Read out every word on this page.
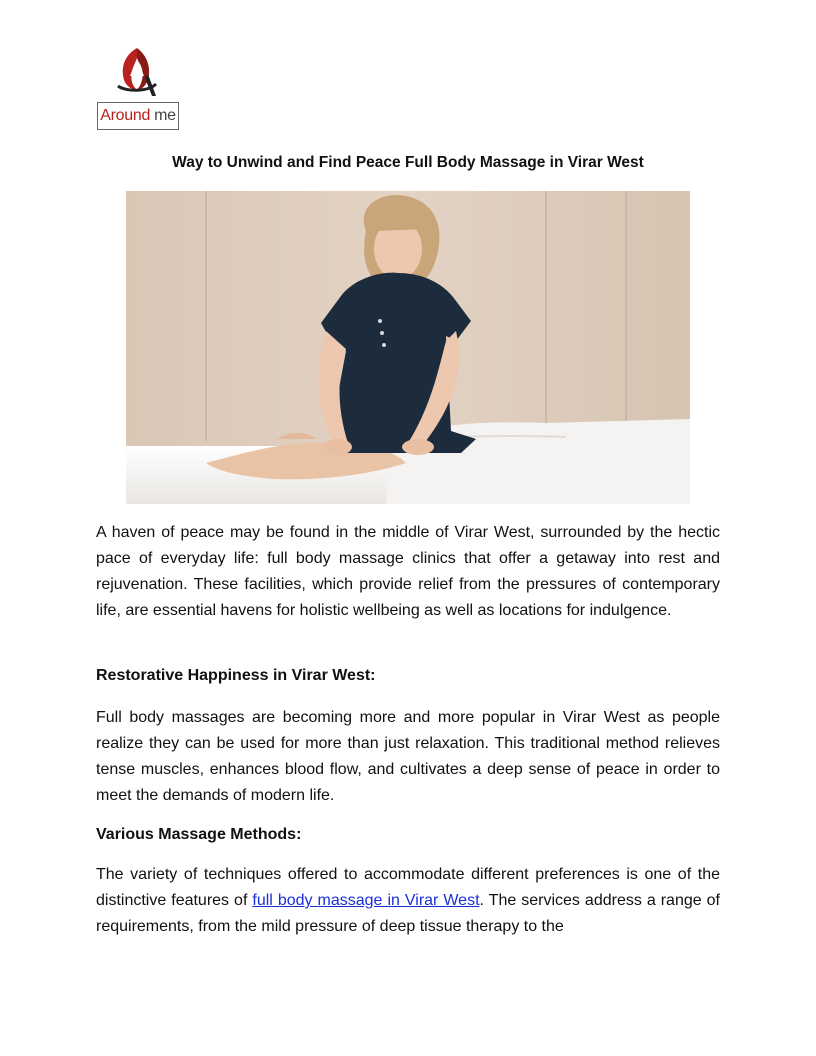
Around me
Way to Unwind and Find Peace Full Body Massage in Virar West
A haven of peace may be found in the middle of Virar West, surrounded by the hectic pace of everyday life: full body massage clinics that offer a getaway into rest and rejuvenation. These facilities, which provide relief from the pressures of contemporary life, are essential havens for holistic wellbeing as well as locations for indulgence.
Restorative Happiness in Virar West:
Full body massages are becoming more and more popular in Virar West as people realize they can be used for more than just relaxation. This traditional method relieves tense muscles, enhances blood flow, and cultivates a deep sense of peace in order to meet the demands of modern life.
Various Massage Methods:
The variety of techniques offered to accommodate different preferences is one of the distinctive features of full body massage in Virar West. The services address a range of requirements, from the mild pressure of deep tissue therapy to the
